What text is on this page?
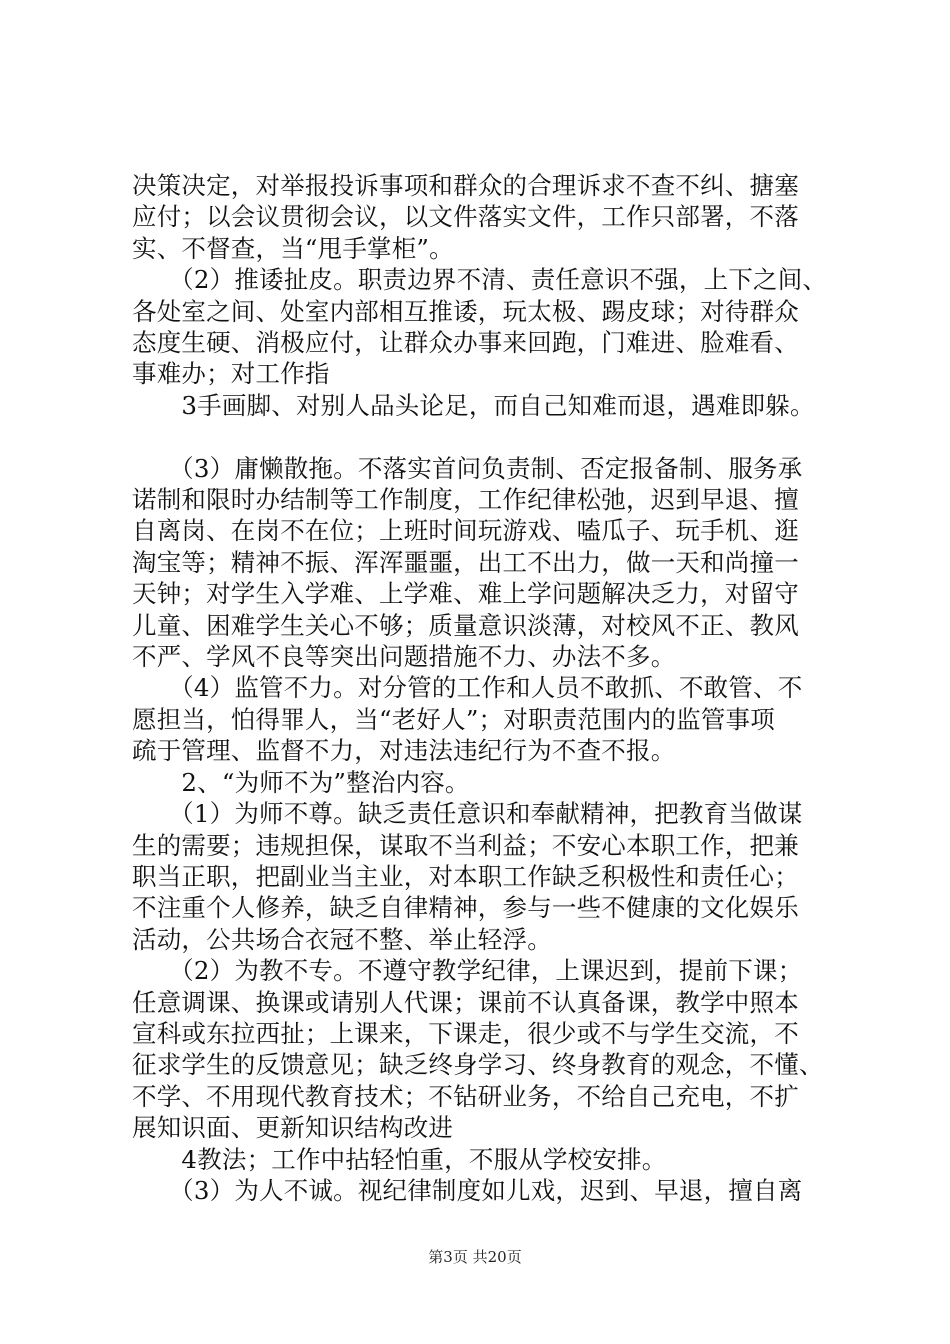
决策决定，对举报投诉事项和群众的合理诉求不查不纠、搪塞
应付；以会议贯彻会议，以文件落实文件，工作只部署，不落
实、不督查，当“甩手掌柜”。
　　（2）推诿扯皮。职责边界不清、责任意识不强，上下之间、
各处室之间、处室内部相互推诿，玩太极、踢皮球；对待群众
态度生硬、消极应付，让群众办事来回跑，门难进、脸难看、
事难办；对工作指
　　3手画脚、对别人品头论足，而自己知难而退，遇难即躲。
　　（3）庸懒散拖。不落实首问负责制、否定报备制、服务承
诺制和限时办结制等工作制度，工作纪律松弛，迟到早退、擅
自离岗、在岗不在位；上班时间玩游戏、嗑瓜子、玩手机、逛
淘宝等；精神不振、浑浑噩噩，出工不出力，做一天和尚撞一
天钟；对学生入学难、上学难、难上学问题解决乏力，对留守
儿童、困难学生关心不够；质量意识淡薄，对校风不正、教风
不严、学风不良等突出问题措施不力、办法不多。
　　（4）监管不力。对分管的工作和人员不敢抓、不敢管、不
愿担当，怕得罪人，当“老好人”；对职责范围内的监管事项
疏于管理、监督不力，对违法违纪行为不查不报。
　　2、“为师不为”整治内容。
　　（1）为师不尊。缺乏责任意识和奉献精神，把教育当做谋
生的需要；违规担保，谋取不当利益；不安心本职工作，把兼
职当正职，把副业当主业，对本职工作缺乏积极性和责任心；
不注重个人修养，缺乏自律精神，参与一些不健康的文化娱乐
活动，公共场合衣冠不整、举止轻浮。
　　（2）为教不专。不遵守教学纪律，上课迟到，提前下课；
任意调课、换课或请别人代课；课前不认真备课，教学中照本
宣科或东拉西扯；上课来，下课走，很少或不与学生交流，不
征求学生的反馈意见；缺乏终身学习、终身教育的观念，不懂、
不学、不用现代教育技术；不钻研业务，不给自己充电，不扩
展知识面、更新知识结构改进
　　4教法；工作中拈轻怕重，不服从学校安排。
　　（3）为人不诚。视纪律制度如儿戏，迟到、早退，擅自离
第3页 共20页
